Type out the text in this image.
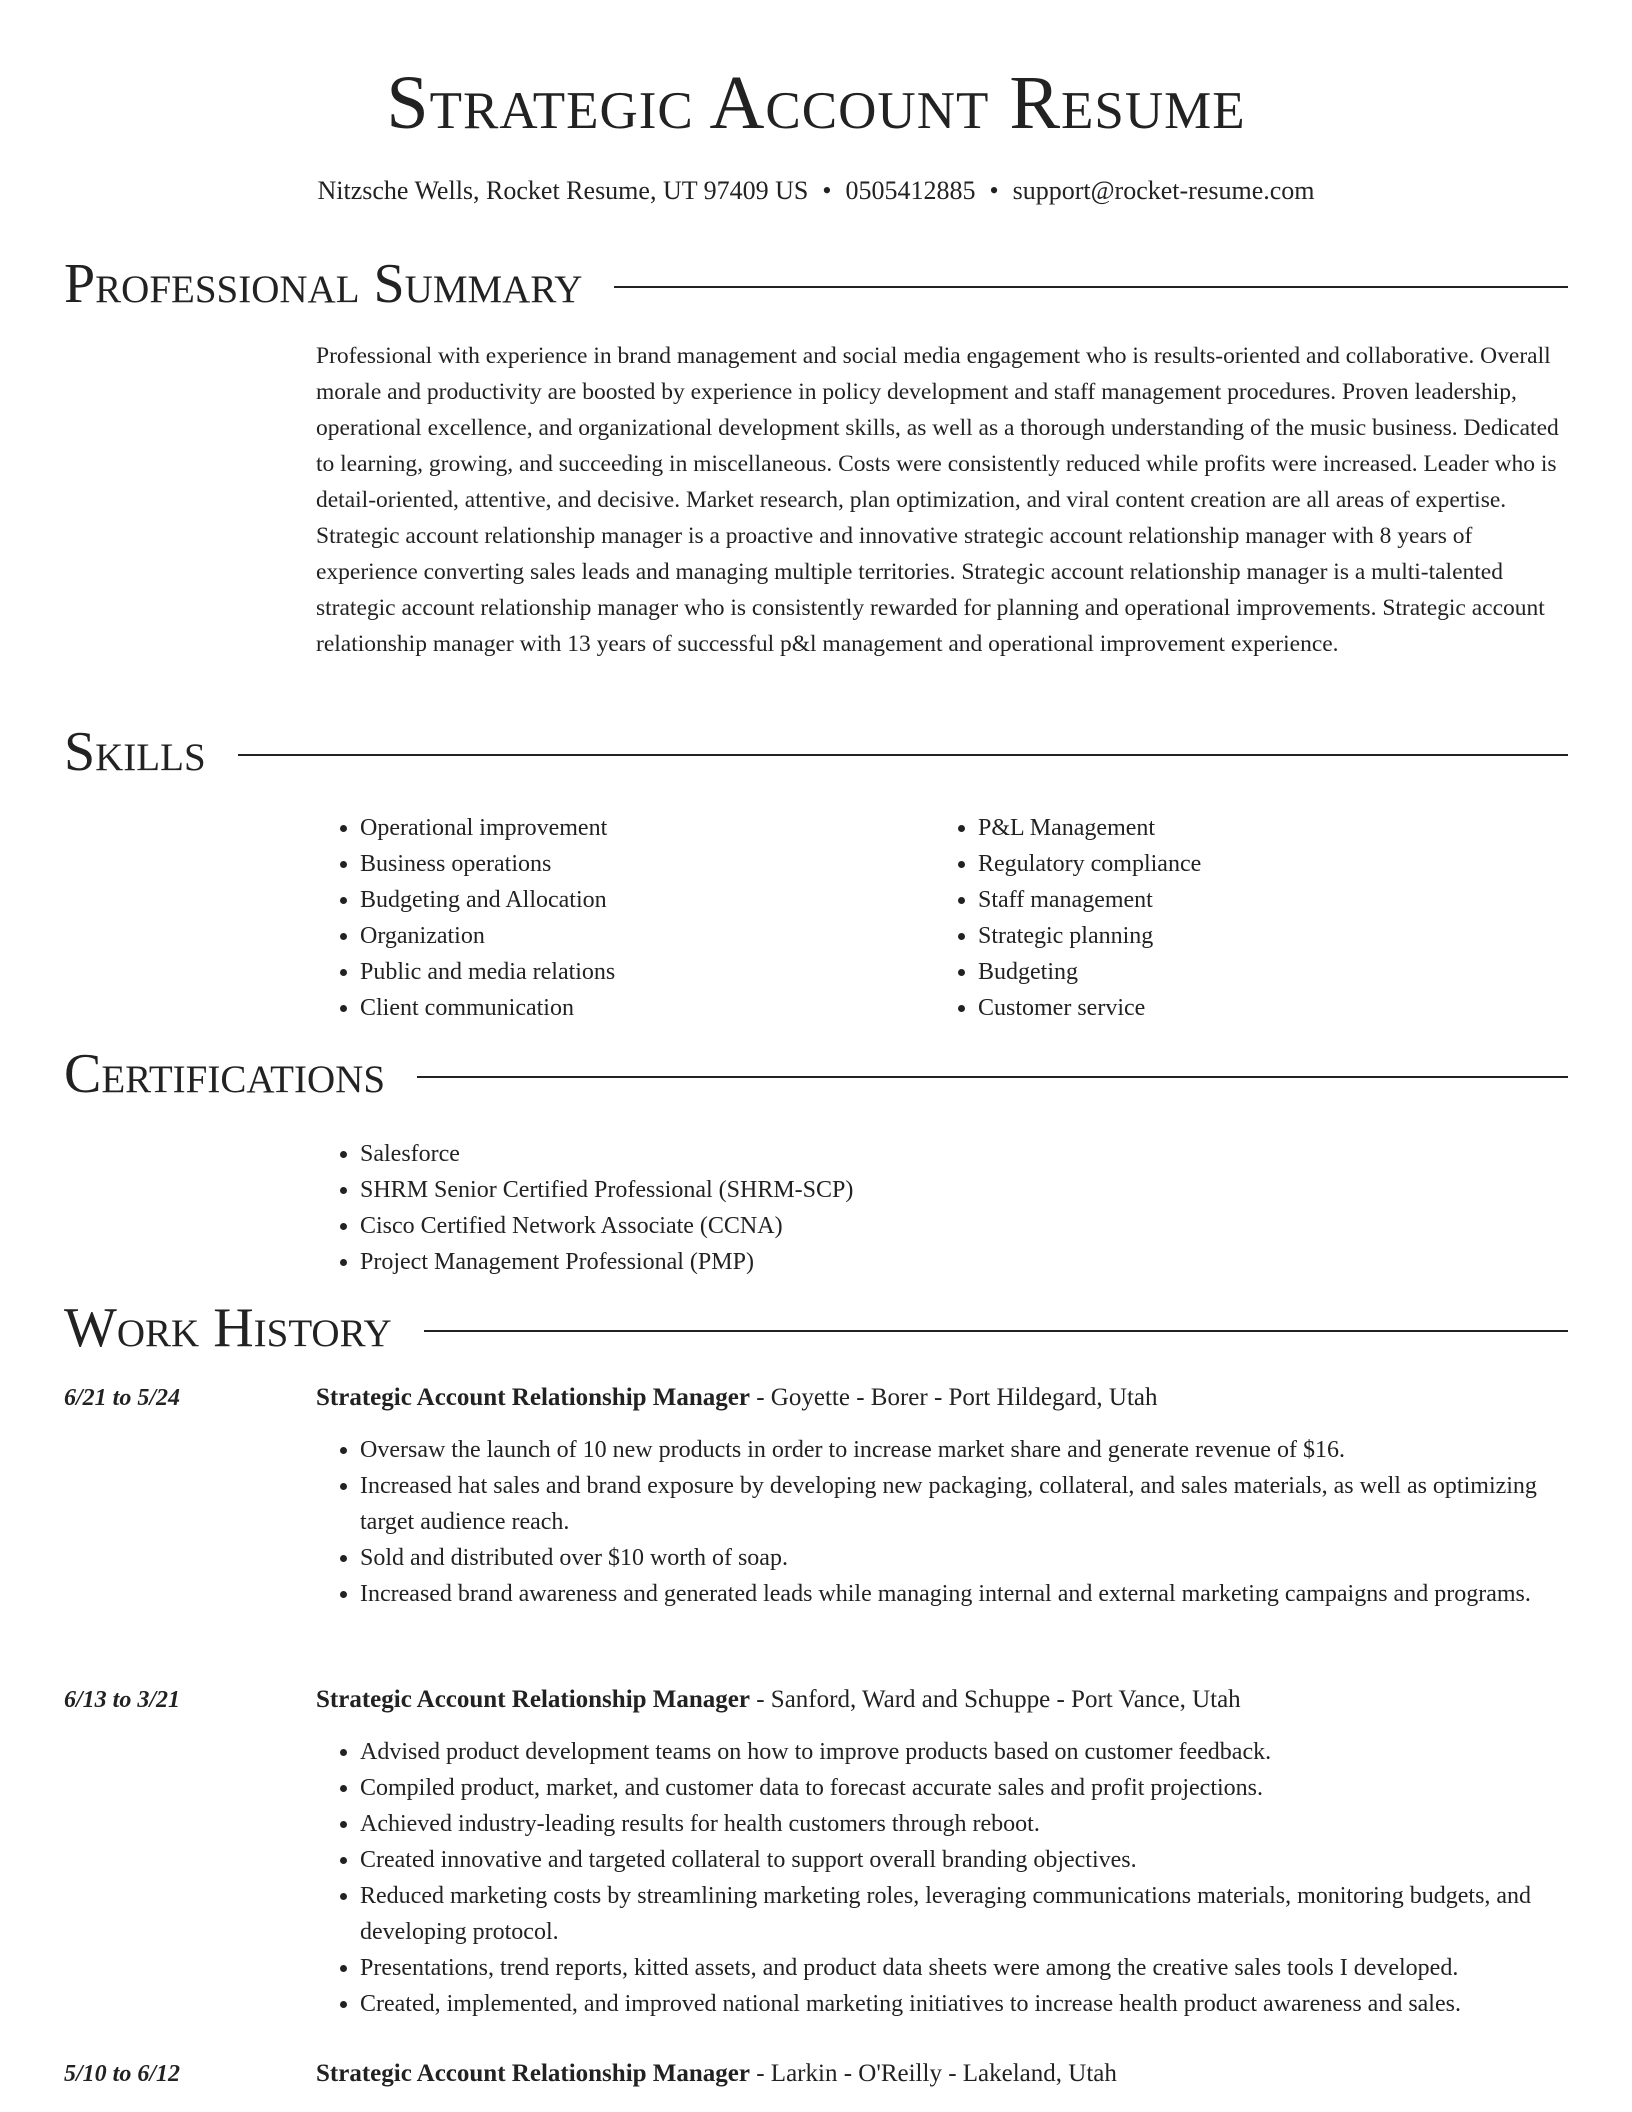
Strategic Account Resume
Nitzsche Wells, Rocket Resume, UT 97409 US • 0505412885 • support@rocket-resume.com
Professional Summary

Professional with experience in brand management and social media engagement who is results-oriented and collaborative. Overall morale and productivity are boosted by experience in policy development and staff management procedures. Proven leadership, operational excellence, and organizational development skills, as well as a thorough understanding of the music business. Dedicated to learning, growing, and succeeding in miscellaneous. Costs were consistently reduced while profits were increased. Leader who is detail-oriented, attentive, and decisive. Market research, plan optimization, and viral content creation are all areas of expertise. Strategic account relationship manager is a proactive and innovative strategic account relationship manager with 8 years of experience converting sales leads and managing multiple territories. Strategic account relationship manager is a multi-talented strategic account relationship manager who is consistently rewarded for planning and operational improvements. Strategic account relationship manager with 13 years of successful p&l management and operational improvement experience.

Skills
• Operational improvement
• Business operations
• Budgeting and Allocation
• Organization
• Public and media relations
• Client communication
• P&L Management
• Regulatory compliance
• Staff management
• Strategic planning
• Budgeting
• Customer service
Certifications
• Salesforce
• SHRM Senior Certified Professional (SHRM-SCP)
• Cisco Certified Network Associate (CCNA)
• Project Management Professional (PMP)
Work History
6/21 to 5/24	Strategic Account Relationship Manager - Goyette - Borer - Port Hildegard, Utah
• Oversaw the launch of 10 new products in order to increase market share and generate revenue of $16.
• Increased hat sales and brand exposure by developing new packaging, collateral, and sales materials, as well as optimizing target audience reach.
• Sold and distributed over $10 worth of soap.
• Increased brand awareness and generated leads while managing internal and external marketing campaigns and programs.
6/13 to 3/21	Strategic Account Relationship Manager - Sanford, Ward and Schuppe - Port Vance, Utah
• Advised product development teams on how to improve products based on customer feedback.
• Compiled product, market, and customer data to forecast accurate sales and profit projections.
• Achieved industry-leading results for health customers through reboot.
• Created innovative and targeted collateral to support overall branding objectives.
• Reduced marketing costs by streamlining marketing roles, leveraging communications materials, monitoring budgets, and developing protocol.
• Presentations, trend reports, kitted assets, and product data sheets were among the creative sales tools I developed.
• Created, implemented, and improved national marketing initiatives to increase health product awareness and sales.
5/10 to 6/12	Strategic Account Relationship Manager - Larkin - O'Reilly - Lakeland, Utah
